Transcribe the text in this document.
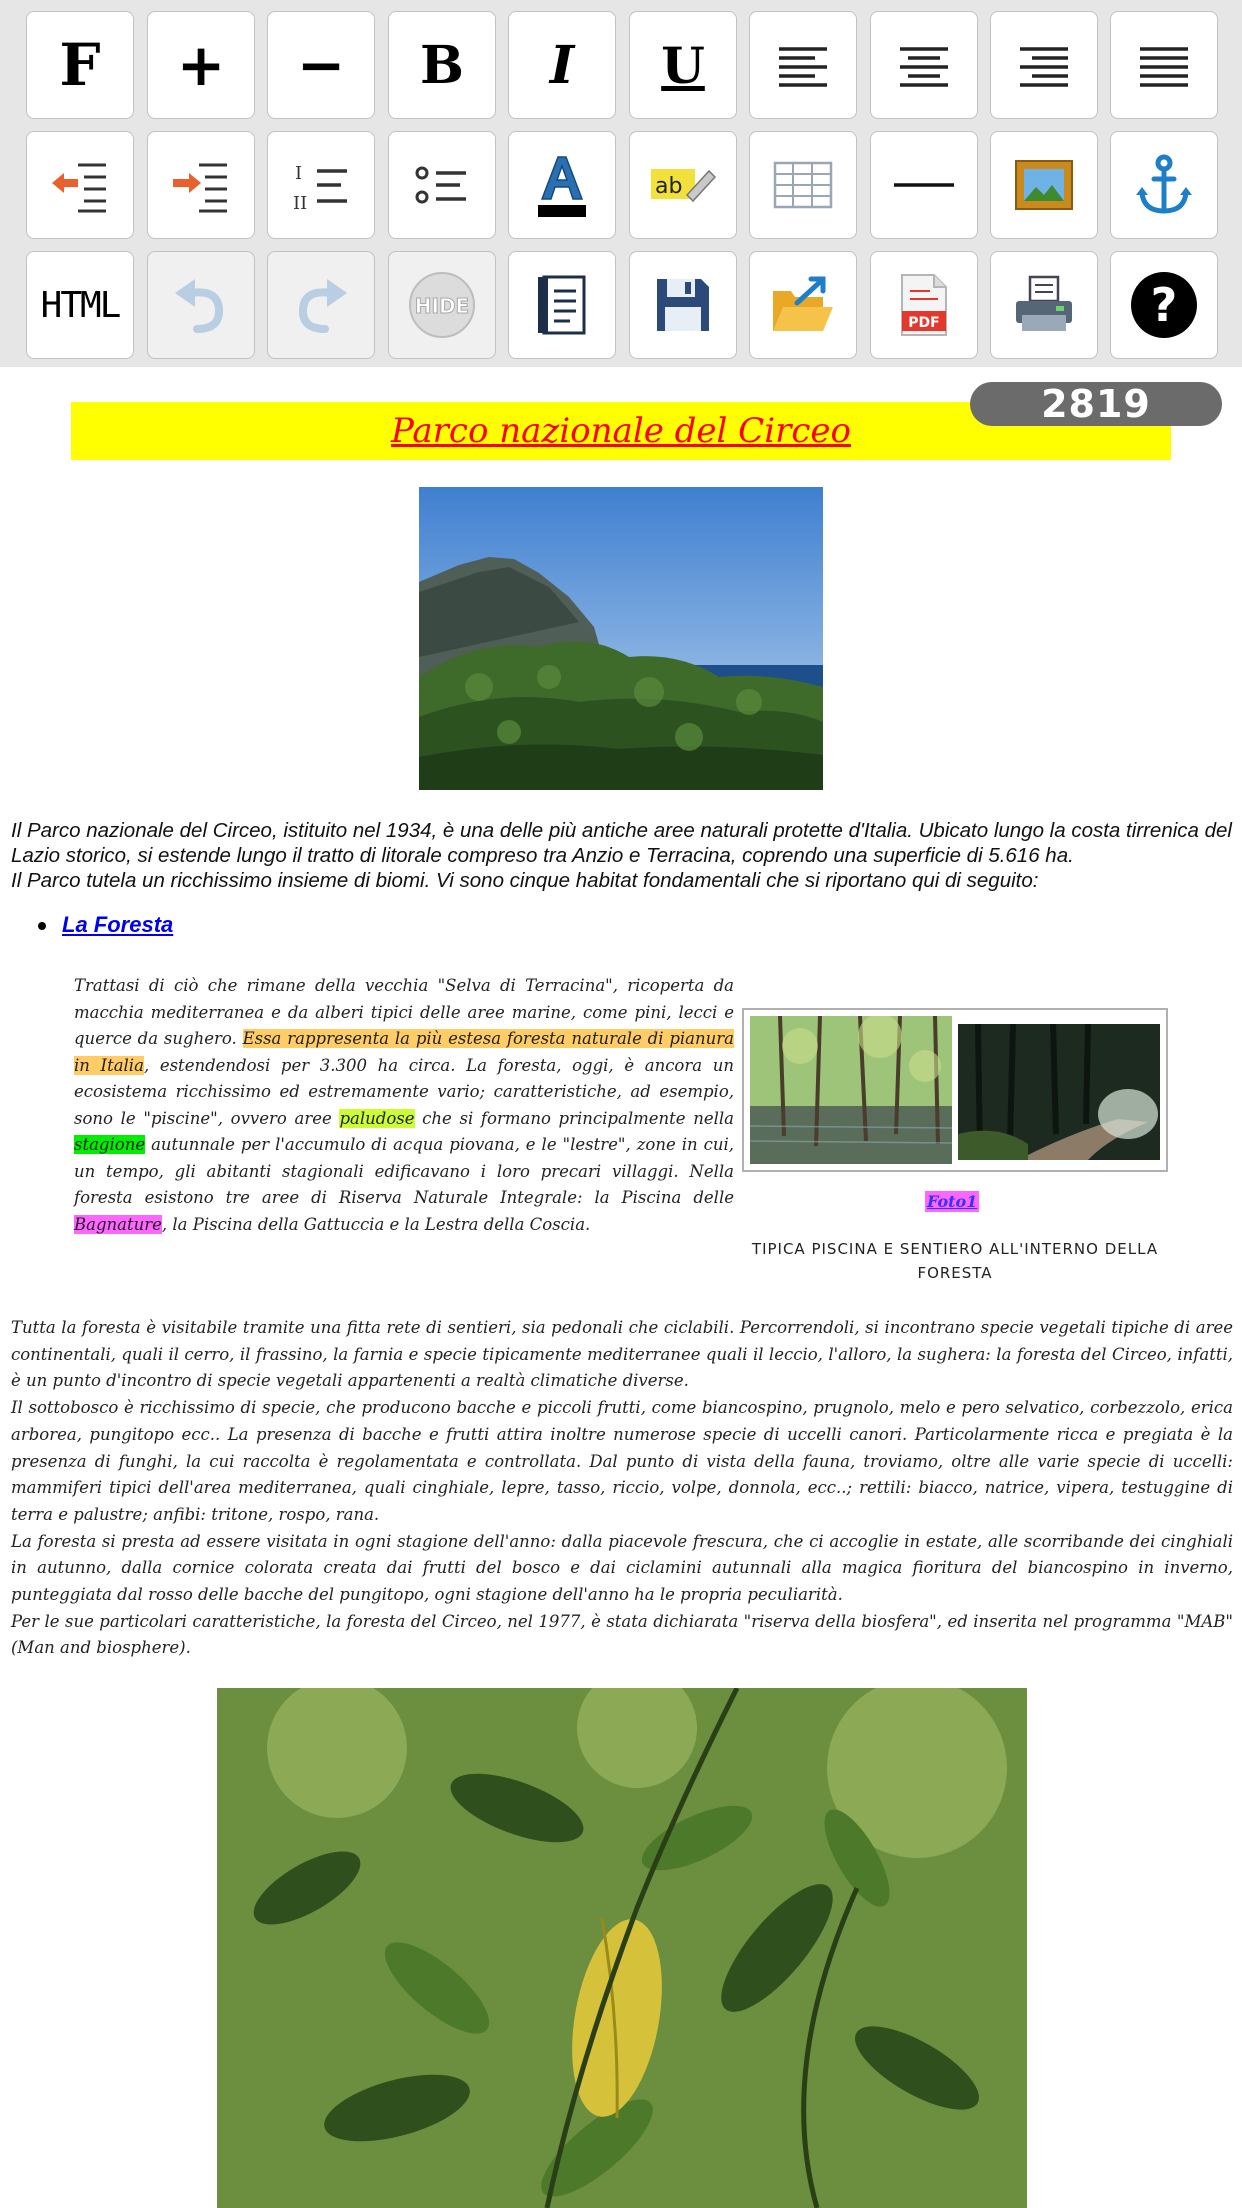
F + − B I U
I
II
ab
HTML	HIDE
PDF	?
Parco nazionale del Circeo
2819

Il Parco nazionale del Circeo, istituito nel 1934, è una delle più antiche aree naturali protette d'Italia. Ubicato lungo la costa tirrenica del Lazio storico, si estende lungo il tratto di litorale compreso tra Anzio e Terracina, coprendo una superficie di 5.616 ha.

Il Parco tutela un ricchissimo insieme di biomi. Vi sono cinque habitat fondamentali che si riportano qui di seguito:

La Foresta
Trattasi di ciò che rimane della vecchia "Selva di Terracina", ricoperta da macchia mediterranea e da alberi tipici delle aree marine, come pini, lecci e querce da sughero. Essa rappresenta la più estesa foresta naturale di pianura in Italia, estendendosi per 3.300 ha circa. La foresta, oggi, è ancora un ecosistema ricchissimo ed estremamente vario; caratteristiche, ad esempio, sono le "piscine", ovvero aree paludose che si formano principalmente nella stagione autunnale per l'accumulo di acqua piovana, e le "lestre", zone in cui, un tempo, gli abitanti stagionali edificavano i loro precari villaggi. Nella foresta esistono tre aree di Riserva Naturale Integrale: la Piscina delle Bagnature, la Piscina della Gattuccia e la Lestra della Coscia.
Foto1
TIPICA PISCINA E SENTIERO ALL'INTERNO DELLA FORESTA

Tutta la foresta è visitabile tramite una fitta rete di sentieri, sia pedonali che ciclabili. Percorrendoli, si incontrano specie vegetali tipiche di aree continentali, quali il cerro, il frassino, la farnia e specie tipicamente mediterranee quali il leccio, l'alloro, la sughera: la foresta del Circeo, infatti, è un punto d'incontro di specie vegetali appartenenti a realtà climatiche diverse.

Il sottobosco è ricchissimo di specie, che producono bacche e piccoli frutti, come biancospino, prugnolo, melo e pero selvatico, corbezzolo, erica arborea, pungitopo ecc.. La presenza di bacche e frutti attira inoltre numerose specie di uccelli canori. Particolarmente ricca e pregiata è la presenza di funghi, la cui raccolta è regolamentata e controllata. Dal punto di vista della fauna, troviamo, oltre alle varie specie di uccelli: mammiferi tipici dell'area mediterranea, quali cinghiale, lepre, tasso, riccio, volpe, donnola, ecc..; rettili: biacco, natrice, vipera, testuggine di terra e palustre; anfibi: tritone, rospo, rana.

La foresta si presta ad essere visitata in ogni stagione dell'anno: dalla piacevole frescura, che ci accoglie in estate, alle scorribande dei cinghiali in autunno, dalla cornice colorata creata dai frutti del bosco e dai ciclamini autunnali alla magica fioritura del biancospino in inverno, punteggiata dal rosso delle bacche del pungitopo, ogni stagione dell'anno ha le propria peculiarità.

Per le sue particolari caratteristiche, la foresta del Circeo, nel 1977, è stata dichiarata "riserva della biosfera", ed inserita nel programma "MAB" (Man and biosphere).
